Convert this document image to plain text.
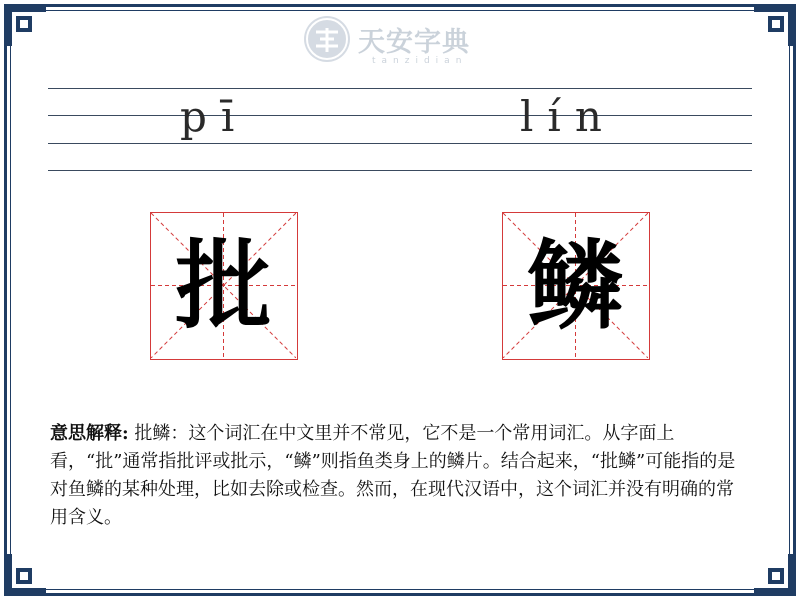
天安字典
tanzidian
pī	lín
批	鳞
意思解释: 批鳞：这个词汇在中文里并不常见，它不是一个常用词汇。从字面上看，“批”通常指批评或批示，“鳞”则指鱼类身上的鳞片。结合起来，“批鳞”可能指的是对鱼鳞的某种处理，比如去除或检查。然而，在现代汉语中，这个词汇并没有明确的常用含义。
